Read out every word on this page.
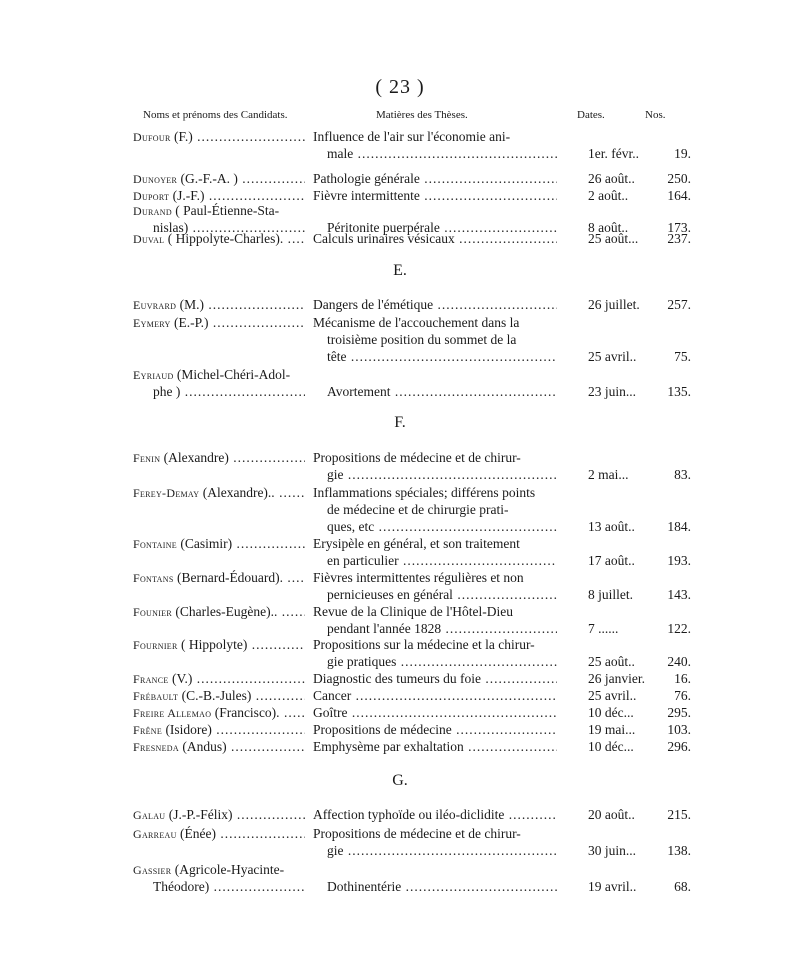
( 23 )
Noms et prénoms des Candidats.	Matières des Thèses.	Dates.	Nos.
Dufour (F.) .....	Influence de l'air sur l'économie ani-
male .....	1er. févr..	19.
Dunoyer (G.-F.-A. ) .....	Pathologie générale .....	26 août..	250.
Duport (J.-F.) .....	Fièvre intermittente .....	2 août..	164.
Durand ( Paul-Étienne-Sta-
nislas) .....	Péritonite puerpérale .....	8 août..	173.
Duval ( Hippolyte-Charles). .....	Calculs urinaires vésicaux .....	25 août...	237.
E.
Euvrard (M.) .....	Dangers de l'émétique .....	26 juillet.	257.
Eymery (E.-P.) .....	Mécanisme de l'accouchement dans la
troisième position du sommet de la
tête .....	25 avril..	75.
Eyriaud (Michel-Chéri-Adol-
phe ) .....	Avortement .....	23 juin...	135.
F.
Fenin (Alexandre) .....	Propositions de médecine et de chirur-
gie .....	2 mai...	83.
Ferey-Demay (Alexandre).. .....	Inflammations spéciales; différens points
de médecine et de chirurgie prati-
ques, etc .....	13 août..	184.
Fontaine (Casimir) .....	Erysipèle en général, et son traitement
en particulier .....	17 août..	193.
Fontans (Bernard-Édouard). .....	Fièvres intermittentes régulières et non
pernicieuses en général .....	8 juillet.	143.
Founier (Charles-Eugène).. .....	Revue de la Clinique de l'Hôtel-Dieu
pendant l'année 1828 .....	7 ......	122.
Fournier ( Hippolyte) .....	Propositions sur la médecine et la chirur-
gie pratiques .....	25 août..	240.
France (V.) .....	Diagnostic des tumeurs du foie .....	26 janvier.	16.
Frébault (C.-B.-Jules) .....	Cancer .....	25 avril..	76.
Freire Allemao (Francisco). .....	Goître .....	10 déc...	295.
Frêne (Isidore) .....	Propositions de médecine .....	19 mai...	103.
Fresneda (Andus) .....	Emphysème par exhaltation .....	10 déc...	296.
G.
Galau (J.-P.-Félix) .....	Affection typhoïde ou iléo-diclidite .....	20 août..	215.
Garreau (Énée) .....	Propositions de médecine et de chirur-
gie .....	30 juin...	138.
Gassier (Agricole-Hyacinte-
Théodore) .....	Dothinentérie .....	19 avril..	68.
